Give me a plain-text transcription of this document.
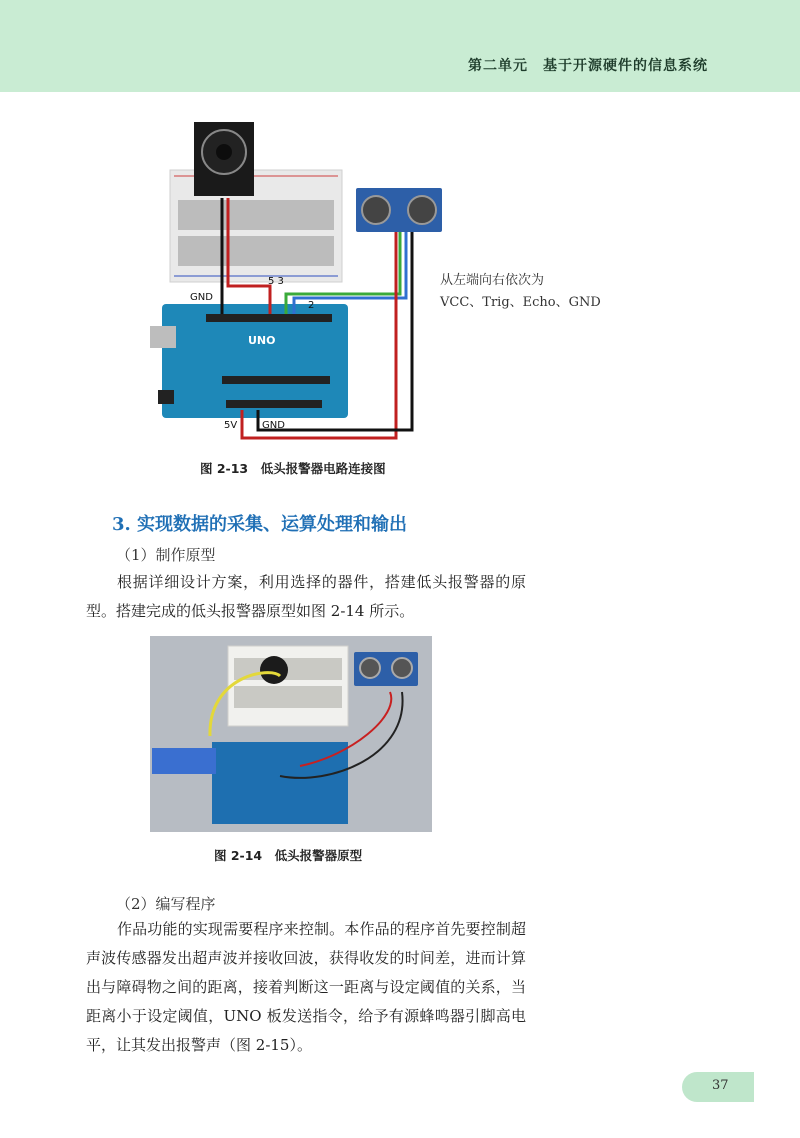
第二单元　基于开源硬件的信息系统
UNO
GND
5 3
2
5V GND
从左端向右依次为
VCC、Trig、Echo、GND
图 2-13　低头报警器电路连接图
3. 实现数据的采集、运算处理和输出
（1）制作原型
根据详细设计方案，利用选择的器件，搭建低头报警器的原型。搭建完成的低头报警器原型如图 2-14 所示。
图 2-14　低头报警器原型
（2）编写程序
作品功能的实现需要程序来控制。本作品的程序首先要控制超声波传感器发出超声波并接收回波，获得收发的时间差，进而计算出与障碍物之间的距离，接着判断这一距离与设定阈值的关系，当距离小于设定阈值，UNO 板发送指令，给予有源蜂鸣器引脚高电平，让其发出报警声（图 2-15）。
37
